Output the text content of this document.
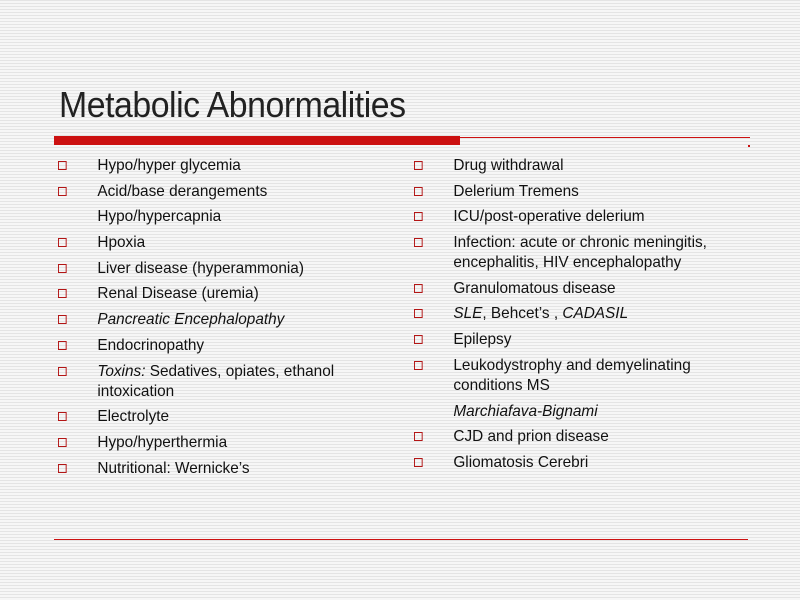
Metabolic Abnormalities
Hypo/hyper glycemia
Acid/base derangements
Hypo/hypercapnia
Hpoxia
Liver disease (hyperammonia)
Renal Disease (uremia)
Pancreatic Encephalopathy
Endocrinopathy
Toxins: Sedatives, opiates, ethanol intoxication
Electrolyte
Hypo/hyperthermia
Nutritional: Wernicke’s
Drug withdrawal
Delerium Tremens
ICU/post-operative delerium
Infection: acute or chronic meningitis, encephalitis, HIV encephalopathy
Granulomatous disease
SLE, Behcet’s , CADASIL
Epilepsy
Leukodystrophy and demyelinating conditions MS
Marchiafava-Bignami
CJD and prion disease
Gliomatosis Cerebri
